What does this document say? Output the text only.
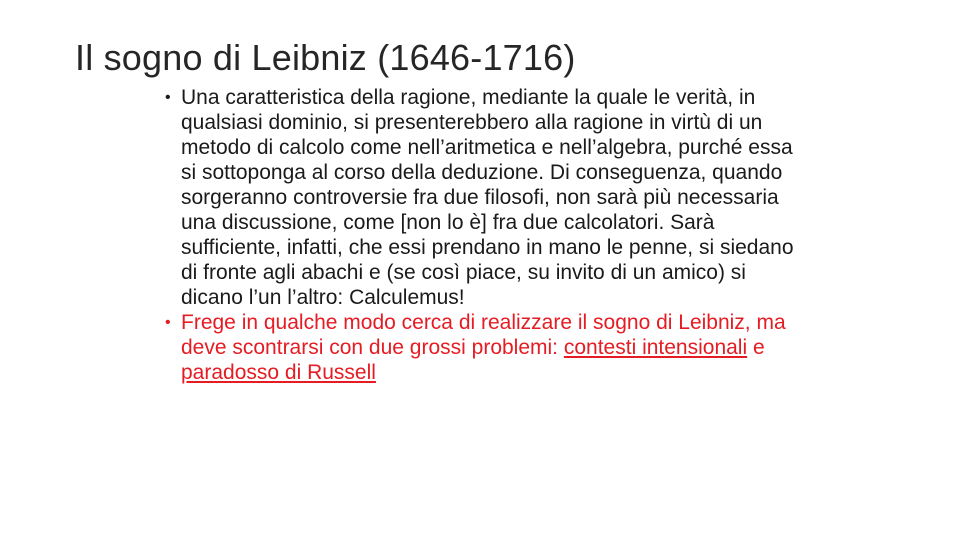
Il sogno di Leibniz (1646-1716)
• Una caratteristica della ragione, mediante la quale le verità, in qualsiasi dominio, si presenterebbero alla ragione in virtù di un metodo di calcolo come nell’aritmetica e nell’algebra, purché essa si sottoponga al corso della deduzione. Di conseguenza, quando sorgeranno controversie fra due filosofi, non sarà più necessaria una discussione, come [non lo è] fra due calcolatori. Sarà sufficiente, infatti, che essi prendano in mano le penne, si siedano di fronte agli abachi e (se così piace, su invito di un amico) si dicano l’un l’altro: Calculemus!
• Frege in qualche modo cerca di realizzare il sogno di Leibniz, ma deve scontrarsi con due grossi problemi: contesti intensionali e paradosso di Russell
